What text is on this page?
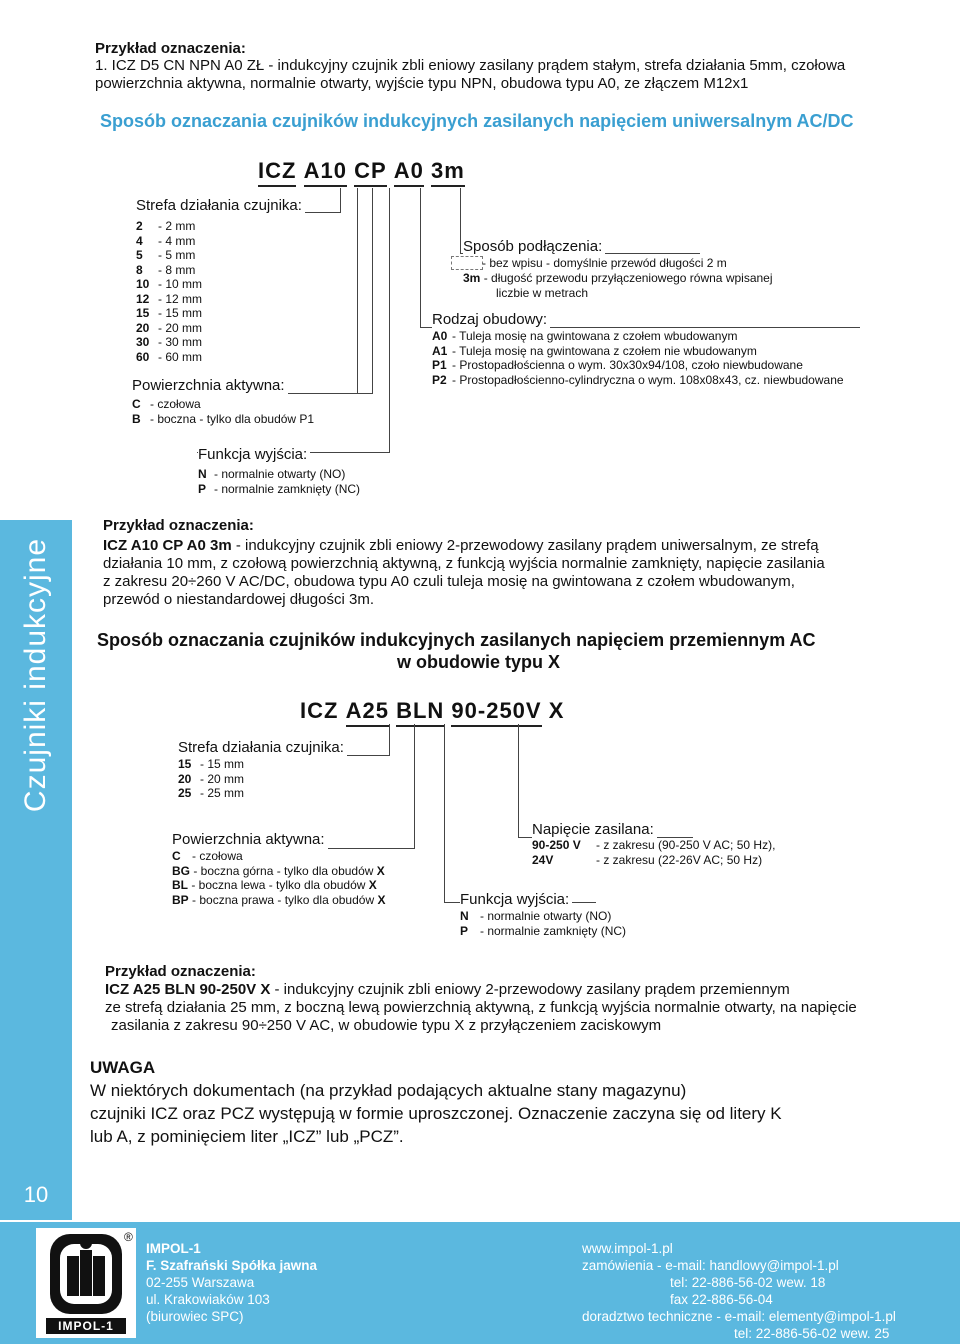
Przykład oznaczenia:
1. ICZ D5 CN NPN A0 ZŁ - indukcyjny czujnik zbli eniowy zasilany prądem stałym, strefa działania 5mm, czołowa
powierzchnia aktywna, normalnie otwarty, wyjście typu NPN, obudowa typu A0, ze złączem M12x1
Sposób oznaczania czujników indukcyjnych zasilanych napięciem uniwersalnym AC/DC
ICZ A10 CP A0 3m
Strefa działania czujnika:
2 - 2 mm
4 - 4 mm
5 - 5 mm
8 - 8 mm
10 - 10 mm
12 - 12 mm
15 - 15 mm
20 - 20 mm
30 - 30 mm
60 - 60 mm
Powierzchnia aktywna:
C - czołowa
B - boczna - tylko dla obudów P1
Funkcja wyjścia:
N - normalnie otwarty (NO)
P - normalnie zamknięty (NC)
Sposób podłączenia:
- bez wpisu - domyślnie przewód długości 2 m
3m - długość przewodu przyłączeniowego równa wpisanej
liczbie w metrach
Rodzaj obudowy:
A0 - Tuleja mosię na gwintowana z czołem wbudowanym
A1 - Tuleja mosię na gwintowana z czołem nie wbudowanym
P1 - Prostopadłościenna o wym. 30x30x94/108, czoło niewbudowane
P2 - Prostopadłościenno-cylindryczna o wym. 108x08x43, cz. niewbudowane
Przykład oznaczenia:
ICZ A10 CP A0 3m - indukcyjny czujnik zbli eniowy 2-przewodowy zasilany prądem uniwersalnym, ze strefą
działania 10 mm, z czołową powierzchnią aktywną, z funkcją wyjścia normalnie zamknięty, napięcie zasilania
z zakresu 20÷260 V AC/DC, obudowa typu A0 czuli tuleja mosię na gwintowana z czołem wbudowanym,
przewód o niestandardowej długości 3m.
Sposób oznaczania czujników indukcyjnych zasilanych napięciem przemiennym AC
w obudowie typu X
ICZ A25 BLN 90-250V X
Strefa działania czujnika:
15 - 15 mm
20 - 20 mm
25 - 25 mm
Powierzchnia aktywna:
C - czołowa
BG - boczna górna - tylko dla obudów X
BL - boczna lewa - tylko dla obudów X
BP - boczna prawa - tylko dla obudów X
Napięcie zasilana:
90-250 V - z zakresu (90-250 V AC; 50 Hz),
24V	- z zakresu (22-26V AC; 50 Hz)
Funkcja wyjścia:
N - normalnie otwarty (NO)
P - normalnie zamknięty (NC)
Przykład oznaczenia:
ICZ A25 BLN 90-250V X - indukcyjny czujnik zbli eniowy 2-przewodowy zasilany prądem przemiennym
ze strefą działania 25 mm, z boczną lewą powierzchnią aktywną, z funkcją wyjścia normalnie otwarty, na napięcie
zasilania z zakresu 90÷250 V AC, w obudowie typu X z przyłączeniem zaciskowym
UWAGA
W niektórych dokumentach (na przykład podających aktualne stany magazynu)
czujniki ICZ oraz PCZ występują w formie uproszczonej. Oznaczenie zaczyna się od litery K
lub A, z pominięciem liter „ICZ” lub „PCZ”.
Czujniki indukcyjne
10
IMPOL-1
®
IMPOL-1
F. Szafrański Spółka jawna
02-255 Warszawa
ul. Krakowiaków 103
(biurowiec SPC)
www.impol-1.pl
zamówienia - e-mail: handlowy@impol-1.pl
tel: 22-886-56-02 wew. 18
fax 22-886-56-04
doradztwo techniczne - e-mail: elementy@impol-1.pl
tel: 22-886-56-02 wew. 25
